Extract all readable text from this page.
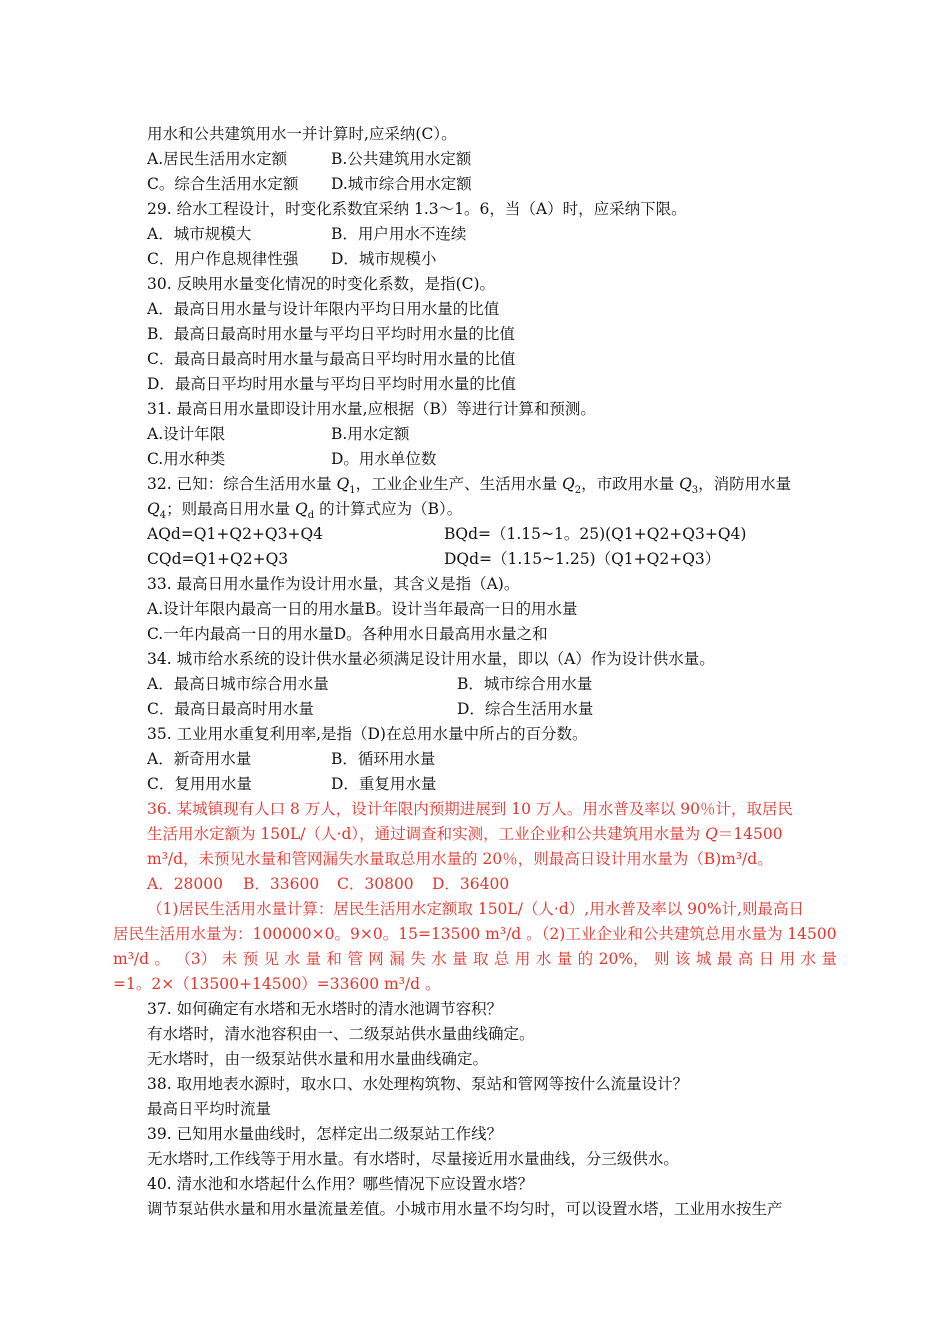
用水和公共建筑用水一并计算时,应采纳(C）。
A.居民生活用水定额	B.公共建筑用水定额
C。综合生活用水定额 D.城市综合用水定额
29. 给水工程设计，时变化系数宜采纳 1.3～1。6，当（A）时，应采纳下限。
A．城市规模大	B．用户用水不连续
C．用户作息规律性强 D．城市规模小
30. 反映用水量变化情况的时变化系数，是指(C)。
A．最高日用水量与设计年限内平均日用水量的比值
B．最高日最高时用水量与平均日平均时用水量的比值
C．最高日最高时用水量与最高日平均时用水量的比值
D．最高日平均时用水量与平均日平均时用水量的比值
31. 最高日用水量即设计用水量,应根据（B）等进行计算和预测。
A.设计年限	B.用水定额
C.用水种类	D。用水单位数
32. 已知：综合生活用水量 $Q_1$，工业企业生产、生活用水量 $Q_2$，市政用水量 $Q_3$，消防用水量
$Q_4$；则最高日用水量 $Q_d$ 的计算式应为（B）。
AQd=Q1+Q2+Q3+Q4	BQd=（1.15~1。25)(Q1+Q2+Q3+Q4)
CQd=Q1+Q2+Q3	DQd=（1.15~1.25)（Q1+Q2+Q3）
33. 最高日用水量作为设计用水量，其含义是指（A)。
A.设计年限内最高一日的用水量B。设计当年最高一日的用水量
C.一年内最高一日的用水量D。各种用水日最高用水量之和
34. 城市给水系统的设计供水量必须满足设计用水量，即以（A）作为设计供水量。
A．最高日城市综合用水量	B．城市综合用水量
C．最高日最高时用水量	D．综合生活用水量
35. 工业用水重复利用率,是指（D)在总用水量中所占的百分数。
A．新奇用水量	B．循环用水量
C．复用用水量	D．重复用水量
36. 某城镇现有人口 8 万人，设计年限内预期进展到 10 万人。用水普及率以 90％计，取居民
生活用水定额为 150L/（人·d），通过调查和实测，工业企业和公共建筑用水量为 Q＝14500
m³/d，未预见水量和管网漏失水量取总用水量的 20％，则最高日设计用水量为（B)m³/d。
A．28000 B．33600 C．30800 D．36400
（1)居民生活用水量计算：居民生活用水定额取 150L/（人·d）,用水普及率以 90%计,则最高日
居民生活用水量为：100000×0。9×0。15=13500 m³/d 。（2)工业企业和公共建筑总用水量为 14500
m³/d 。 （3） 未 预 见 水 量 和 管 网 漏 失 水 量 取 总 用 水 量 的 20%， 则 该 城 最 高 日 用 水 量
=1。2×（13500+14500）=33600 m³/d 。
37. 如何确定有水塔和无水塔时的清水池调节容积？
有水塔时，清水池容积由一、二级泵站供水量曲线确定。
无水塔时，由一级泵站供水量和用水量曲线确定。
38. 取用地表水源时，取水口、水处理构筑物、泵站和管网等按什么流量设计？
最高日平均时流量
39. 已知用水量曲线时，怎样定出二级泵站工作线？
无水塔时,工作线等于用水量。有水塔时，尽量接近用水量曲线，分三级供水。
40. 清水池和水塔起什么作用？哪些情况下应设置水塔？
调节泵站供水量和用水量流量差值。小城市用水量不均匀时，可以设置水塔，工业用水按生产
